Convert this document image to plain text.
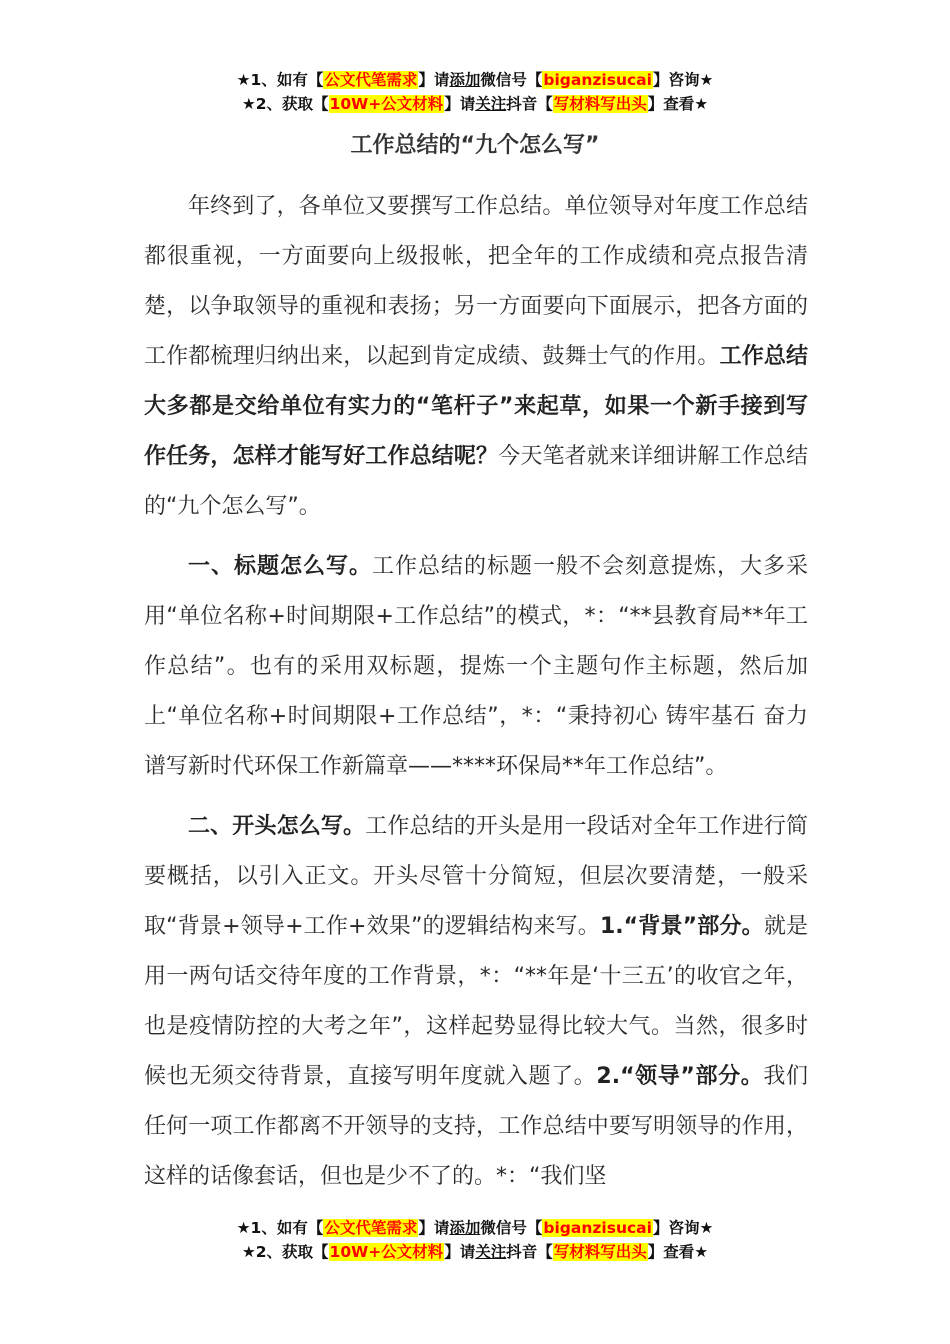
★1、如有【公文代笔需求】请添加微信号【biganzisucai】咨询★
★2、获取【10W+公文材料】请关注抖音【写材料写出头】查看★
工作总结的“九个怎么写”

年终到了，各单位又要撰写工作总结。单位领导对年度工作总结都很重视，一方面要向上级报帐，把全年的工作成绩和亮点报告清楚，以争取领导的重视和表扬；另一方面要向下面展示，把各方面的工作都梳理归纳出来，以起到肯定成绩、鼓舞士气的作用。工作总结大多都是交给单位有实力的“笔杆子”来起草，如果一个新手接到写作任务，怎样才能写好工作总结呢？今天笔者就来详细讲解工作总结的“九个怎么写”。

一、标题怎么写。工作总结的标题一般不会刻意提炼，大多采用“单位名称+时间期限+工作总结”的模式，*：“**县教育局**年工作总结”。也有的采用双标题，提炼一个主题句作主标题，然后加上“单位名称+时间期限+工作总结”，*：“秉持初心 铸牢基石 奋力谱写新时代环保工作新篇章——****环保局**年工作总结”。

二、开头怎么写。工作总结的开头是用一段话对全年工作进行简要概括，以引入正文。开头尽管十分简短，但层次要清楚，一般采取“背景+领导+工作+效果”的逻辑结构来写。1.“背景”部分。就是用一两句话交待年度的工作背景，*：“**年是‘十三五’的收官之年，也是疫情防控的大考之年”，这样起势显得比较大气。当然，很多时候也无须交待背景，直接写明年度就入题了。2.“领导”部分。我们任何一项工作都离不开领导的支持，工作总结中要写明领导的作用，这样的话像套话，但也是少不了的。*：“我们坚

★1、如有【公文代笔需求】请添加微信号【biganzisucai】咨询★
★2、获取【10W+公文材料】请关注抖音【写材料写出头】查看★
